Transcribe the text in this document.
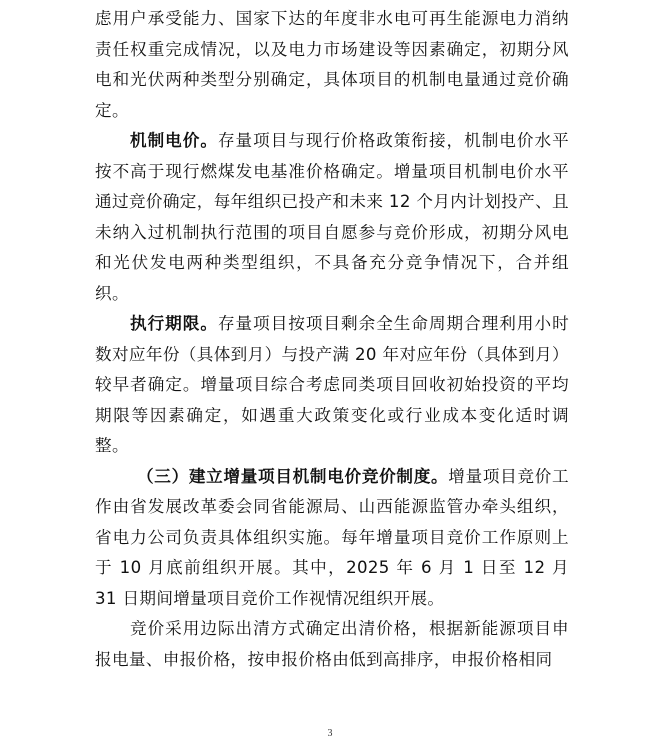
虑用户承受能力、国家下达的年度非水电可再生能源电力消纳责任权重完成情况，以及电力市场建设等因素确定，初期分风电和光伏两种类型分别确定，具体项目的机制电量通过竞价确定。

机制电价。存量项目与现行价格政策衔接，机制电价水平按不高于现行燃煤发电基准价格确定。增量项目机制电价水平通过竞价确定，每年组织已投产和未来 12 个月内计划投产、且未纳入过机制执行范围的项目自愿参与竞价形成，初期分风电和光伏发电两种类型组织，不具备充分竞争情况下，合并组织。

执行期限。存量项目按项目剩余全生命周期合理利用小时数对应年份（具体到月）与投产满 20 年对应年份（具体到月）较早者确定。增量项目综合考虑同类项目回收初始投资的平均期限等因素确定，如遇重大政策变化或行业成本变化适时调整。

（三）建立增量项目机制电价竞价制度。增量项目竞价工作由省发展改革委会同省能源局、山西能源监管办牵头组织，省电力公司负责具体组织实施。每年增量项目竞价工作原则上于 10 月底前组织开展。其中，2025 年 6 月 1 日至 12 月 31 日期间增量项目竞价工作视情况组织开展。

竞价采用边际出清方式确定出清价格，根据新能源项目申报电量、申报价格，按申报价格由低到高排序，申报价格相同

3
